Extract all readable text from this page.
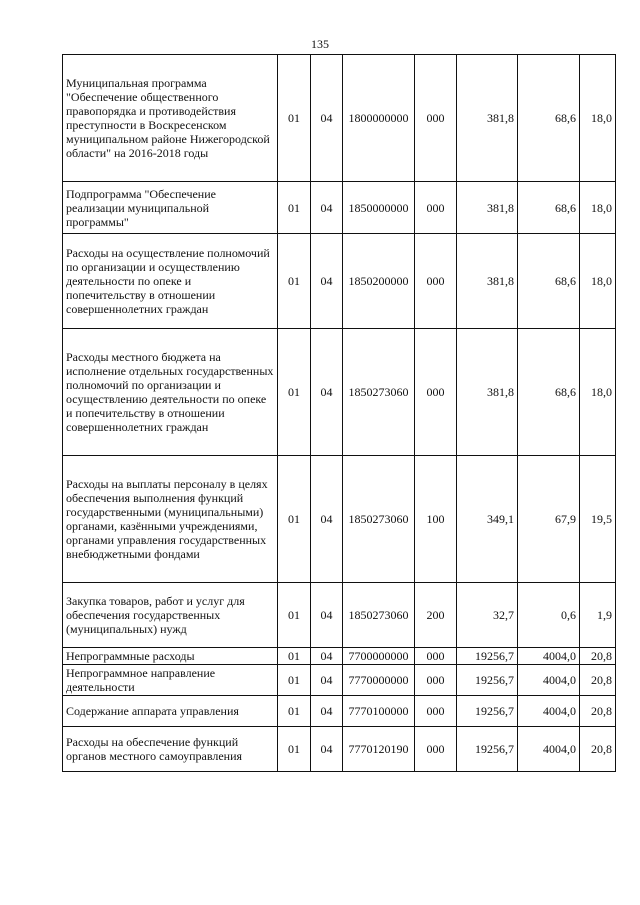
135
Муниципальная программа "Обеспечение общественного правопорядка и противодействия преступности в Воскресенском муниципальном районе Нижегородской области" на 2016-2018 годы	01	04	1800000000	000	381,8	68,6	18,0
Подпрограмма "Обеспечение реализации муниципальной программы"	01	04	1850000000	000	381,8	68,6	18,0
Расходы на осуществление полномочий по организации и осуществлению деятельности по опеке и попечительству в отношении совершеннолетних граждан	01	04	1850200000	000	381,8	68,6	18,0
Расходы местного бюджета на исполнение отдельных государственных полномочий по организации и осуществлению деятельности по опеке и попечительству в отношении совершеннолетних граждан	01	04	1850273060	000	381,8	68,6	18,0
Расходы на выплаты персоналу в целях обеспечения выполнения функций государственными (муниципальными) органами, казёнными учреждениями, органами управления государственных внебюджетными фондами	01	04	1850273060	100	349,1	67,9	19,5
Закупка товаров, работ и услуг для обеспечения государственных (муниципальных) нужд	01	04	1850273060	200	32,7	0,6	1,9
Непрограммные расходы	01	04	7700000000	000	19256,7	4004,0	20,8
Непрограммное направление деятельности	01	04	7770000000	000	19256,7	4004,0	20,8
Содержание аппарата управления	01	04	7770100000	000	19256,7	4004,0	20,8
Расходы на обеспечение функций органов местного самоуправления	01	04	7770120190	000	19256,7	4004,0	20,8
